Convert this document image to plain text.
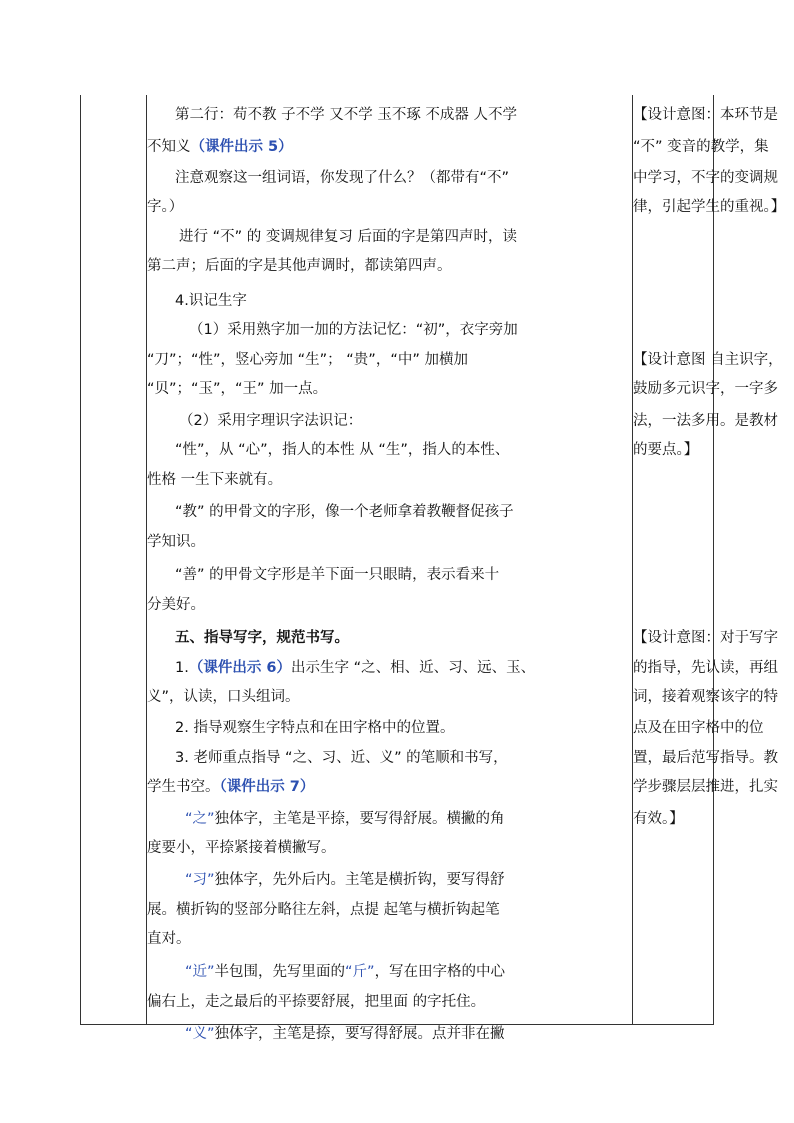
第二行：苟不教 子不学 又不学 玉不琢 不成器 人不学
不知义（课件出示 5）
注意观察这一组词语，你发现了什么？（都带有“不”
字。）
进行 “不” 的 变调规律复习 后面的字是第四声时，读
第二声；后面的字是其他声调时，都读第四声。
4.识记生字
（1）采用熟字加一加的方法记忆：“初”，衣字旁加
“刀”；“性”，竖心旁加 “生”； “贵”，“中” 加横加
“贝”；“玉”，“王” 加一点。
（2）采用字理识字法识记：
“性”，从 “心”，指人的本性 从 “生”，指人的本性、
性格 一生下来就有。
“教” 的甲骨文的字形，像一个老师拿着教鞭督促孩子
学知识。
“善” 的甲骨文字形是羊下面一只眼睛，表示看来十
分美好。
五、指导写字，规范书写。
1.（课件出示 6）出示生字 “之、相、近、习、远、玉、
义”，认读，口头组词。
2. 指导观察生字特点和在田字格中的位置。
3. 老师重点指导 “之、习、近、义” 的笔顺和书写，
学生书空。（课件出示 7）
“之”独体字，主笔是平捺，要写得舒展。横撇的角
度要小，平捺紧接着横撇写。
“习”独体字，先外后内。主笔是横折钩，要写得舒
展。横折钩的竖部分略往左斜，点提 起笔与横折钩起笔
直对。
“近”半包围，先写里面的“斤”，写在田字格的中心
偏右上，走之最后的平捺要舒展，把里面 的字托住。
“义”独体字，主笔是捺，要写得舒展。点并非在撇
【设计意图：本环节是
“不” 变音的教学，集
中学习，不字的变调规
律，引起学生的重视。】
【设计意图 自主识字，
鼓励多元识字，一字多
法，一法多用。是教材
的要点。】
【设计意图：对于写字
的指导，先认读，再组
词，接着观察该字的特
点及在田字格中的位
置，最后范写指导。教
学步骤层层推进，扎实
有效。】
